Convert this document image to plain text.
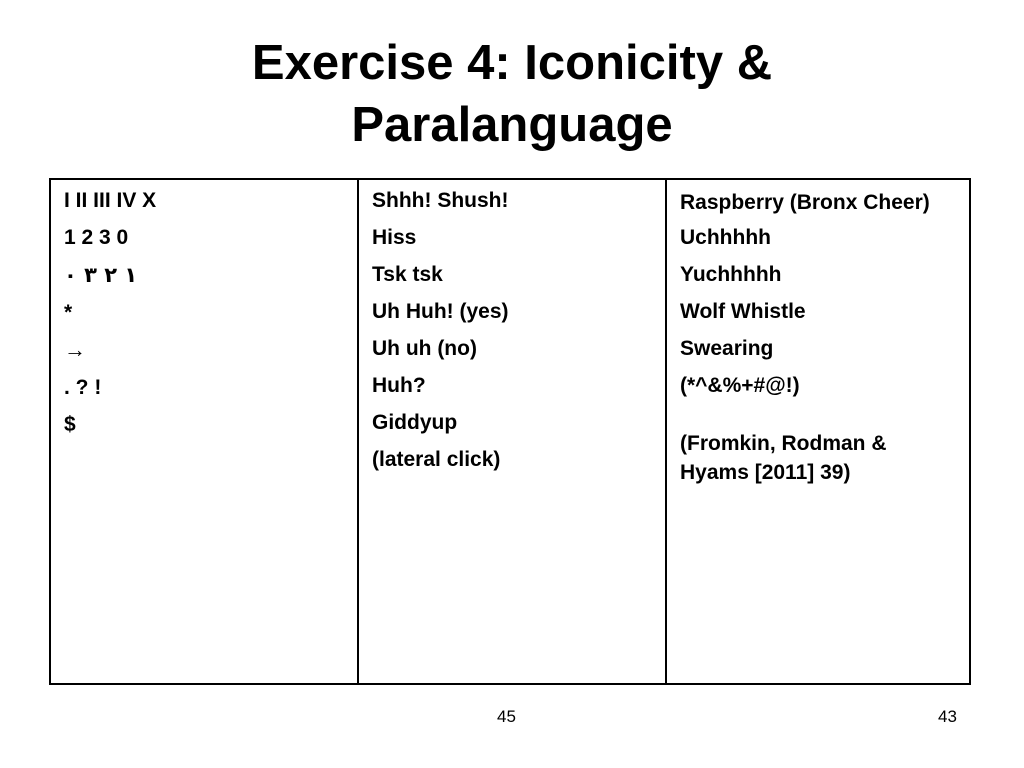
Exercise 4: Iconicity &
Paralanguage
I II III IV X
1 2 3 0
١ ٢ ٣ ٠
*
→
. ? !
$
Shhh! Shush!
Hiss
Tsk tsk
Uh Huh! (yes)
Uh uh (no)
Huh?
Giddyup
(lateral click)
Raspberry (Bronx Cheer)
Uchhhhh
Yuchhhhh
Wolf Whistle
Swearing
(*^&%+#@!)
(Fromkin, Rodman & Hyams [2011] 39)
45	43
